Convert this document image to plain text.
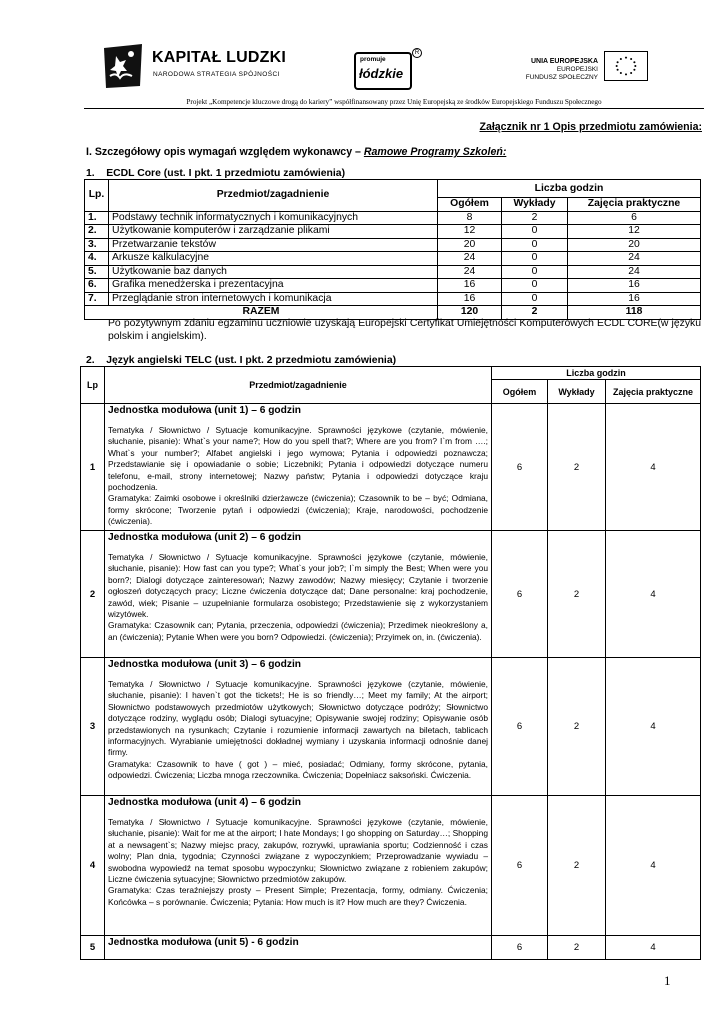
KAPITAŁ LUDZKI
NARODOWA STRATEGIA SPÓJNOŚCI
promuje
łódzkie
R
UNIA EUROPEJSKA
EUROPEJSKI
FUNDUSZ SPOŁECZNY
Projekt „Kompetencje kluczowe drogą do kariery” współfinansowany przez Unię Europejską ze środków Europejskiego Funduszu Społecznego
Załącznik nr 1 Opis przedmiotu zamówienia:
I. Szczegółowy opis wymagań względem wykonawcy – Ramowe Programy Szkoleń:
1.    ECDL Core (ust. I pkt. 1 przedmiotu zamówienia)
Lp.	Przedmiot/zagadnienie	Liczba godzin		
		Ogółem	Wykłady	Zajęcia praktyczne
1.	Podstawy technik informatycznych i komunikacyjnych	8	2	6
2.	Użytkowanie komputerów i zarządzanie plikami	12	0	12
3.	Przetwarzanie tekstów	20	0	20
4.	Arkusze kalkulacyjne	24	0	24
5.	Użytkowanie baz danych	24	0	24
6.	Grafika menedżerska i prezentacyjna	16	0	16
7.	Przeglądanie stron internetowych i komunikacja	16	0	16
RAZEM		120	2	118
Po pozytywnym zdaniu egzaminu uczniowie uzyskają Europejski Certyfikat Umiejętności Komputerowych ECDL CORE(w języku polskim i angielskim).
2.    Język angielski TELC (ust. I pkt. 2 przedmiotu zamówienia)
Lp	Przedmiot/zagadnienie	Liczba godzin		
		Ogółem	Wykłady	Zajęcia praktyczne
1	Jednostka modułowa (unit 1) – 6 godzin

Tematyka / Słownictwo / Sytuacje komunikacyjne. Sprawności językowe (czytanie, mówienie, słuchanie, pisanie): What`s your name?; How do you spell that?; Where are you from? I`m from ….; What`s your number?; Alfabet angielski i jego wymowa; Pytania i odpowiedzi poznawcza; Przedstawianie się i opowiadanie o sobie; Liczebniki; Pytania i odpowiedzi dotyczące numeru telefonu, e-mail, strony internetowej; Nazwy państw; Pytania i odpowiedzi dotyczące kraju pochodzenia.

Gramatyka: Zaimki osobowe i określniki dzierżawcze (ćwiczenia); Czasownik to be – być; Odmiana, formy skrócone; Tworzenie pytań i odpowiedzi (ćwiczenia); Kraje, narodowości, pochodzenie (ćwiczenia).	6	2	4
2	Jednostka modułowa (unit 2) – 6 godzin

Tematyka / Słownictwo / Sytuacje komunikacyjne. Sprawności językowe (czytanie, mówienie, słuchanie, pisanie): How fast can you type?; What`s your job?; I`m simply the Best; When were you born?; Dialogi dotyczące zainteresowań; Nazwy zawodów; Nazwy miesięcy; Czytanie i tworzenie ogłoszeń dotyczących pracy; Liczne ćwiczenia dotyczące dat; Dane personalne: kraj pochodzenie, zawód, wiek; Pisanie – uzupełnianie formularza osobistego; Przedstawienie się z wykorzystaniem wizytówek.

Gramatyka: Czasownik can; Pytania, przeczenia, odpowiedzi (ćwiczenia); Przedimek nieokreślony a, an (ćwiczenia); Pytanie When were you born? Odpowiedzi. (ćwiczenia); Przyimek on, in. (ćwiczenia).	6	2	4
3	Jednostka modułowa (unit 3) – 6 godzin

Tematyka / Słownictwo / Sytuacje komunikacyjne. Sprawności językowe (czytanie, mówienie, słuchanie, pisanie): I haven`t got the tickets!; He is so friendly…; Meet my family; At the airport; Słownictwo podstawowych przedmiotów użytkowych; Słownictwo dotyczące podróży; Słownictwo dotyczące rodziny, wyglądu osób; Dialogi sytuacyjne; Opisywanie swojej rodziny; Opisywanie osób przedstawionych na rysunkach; Czytanie i rozumienie informacji zawartych na biletach, tablicach informacyjnych. Wyrabianie umiejętności dokładnej wymiany i uzyskania informacji odnośnie danej firmy.

Gramatyka: Czasownik to have ( got ) – mieć, posiadać; Odmiany, formy skrócone, pytania, odpowiedzi. Ćwiczenia; Liczba mnoga rzeczownika. Ćwiczenia; Dopełniacz saksoński. Ćwiczenia.	6	2	4
4	Jednostka modułowa (unit 4) – 6 godzin

Tematyka / Słownictwo / Sytuacje komunikacyjne. Sprawności językowe (czytanie, mówienie, słuchanie, pisanie): Wait for me at the airport; I hate Mondays; I go shopping on Saturday…; Shopping at a newsagent`s; Nazwy miejsc pracy, zakupów, rozrywki, uprawiania sportu; Codzienność i czas wolny; Plan dnia, tygodnia; Czynności związane z wypoczynkiem; Przeprowadzanie wywiadu – swobodna wypowiedź na temat sposobu wypoczynku; Słownictwo związane z robieniem zakupów; Liczne ćwiczenia sytuacyjne; Słownictwo przedmiotów zakupów.

Gramatyka: Czas teraźniejszy prosty – Present Simple; Prezentacja, formy, odmiany. Ćwiczenia; Końcówka – s porównanie. Ćwiczenia; Pytania: How much is it? How much are they? Ćwiczenia.	6	2	4
5	Jednostka modułowa (unit 5) - 6 godzin	6	2	4
1
